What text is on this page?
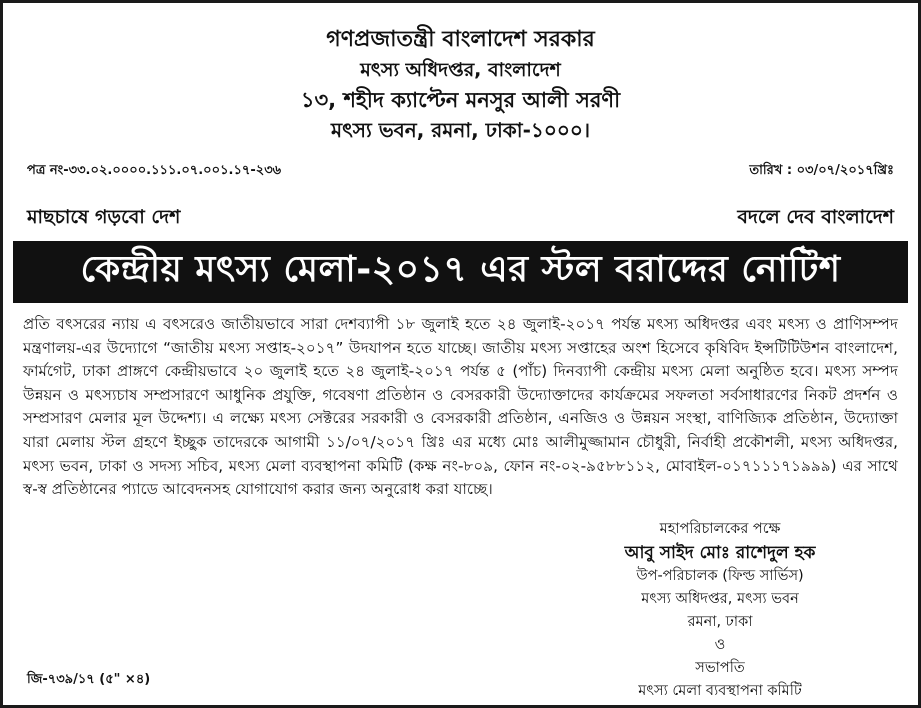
গণপ্রজাতন্ত্রী বাংলাদেশ সরকার
মৎস্য অধিদপ্তর, বাংলাদেশ
১৩, শহীদ ক্যাপ্টেন মনসুর আলী সরণী
মৎস্য ভবন, রমনা, ঢাকা-১০০০।
পত্র নং-৩৩.০২.০০০০.১১১.০৭.০০১.১৭-২৩৬	তারিখ : ০৩/০৭/২০১৭খ্রিঃ
মাছচাষে গড়বো দেশ	বদলে দেব বাংলাদেশ
কেন্দ্রীয় মৎস্য মেলা-২০১৭ এর স্টল বরাদ্দের নোটিশ
প্রতি বৎসরের ন্যায় এ বৎসরেও জাতীয়ভাবে সারা দেশব্যাপী ১৮ জুলাই হতে ২৪ জুলাই-২০১৭ পর্যন্ত মৎস্য অধিদপ্তর এবং মৎস্য ও প্রাণিসম্পদ মন্ত্রণালয়-এর উদ্যোগে “জাতীয় মৎস্য সপ্তাহ-২০১৭” উদযাপন হতে যাচ্ছে। জাতীয় মৎস্য সপ্তাহের অংশ হিসেবে কৃষিবিদ ইন্সটিটিউশন বাংলাদেশ, ফার্মগেট, ঢাকা প্রাঙ্গণে কেন্দ্রীয়ভাবে ২০ জুলাই হতে ২৪ জুলাই-২০১৭ পর্যন্ত ৫ (পাঁচ) দিনব্যাপী কেন্দ্রীয় মৎস্য মেলা অনুষ্ঠিত হবে। মৎস্য সম্পদ উন্নয়ন ও মৎস্যচাষ সম্প্রসারণে আধুনিক প্রযুক্তি, গবেষণা প্রতিষ্ঠান ও বেসরকারী উদ্যোক্তাদের কার্যক্রমের সফলতা সর্বসাধারণের নিকট প্রদর্শন ও সম্প্রসারণ মেলার মূল উদ্দেশ্য। এ লক্ষ্যে মৎস্য সেক্টরের সরকারী ও বেসরকারী প্রতিষ্ঠান, এনজিও ও উন্নয়ন সংস্থা, বাণিজ্যিক প্রতিষ্ঠান, উদ্যোক্তা যারা মেলায় স্টল গ্রহণে ইচ্ছুক তাদেরকে আগামী ১১/০৭/২০১৭ খ্রিঃ এর মধ্যে মোঃ আলীমুজ্জামান চৌধুরী, নির্বাহী প্রকৌশলী, মৎস্য অধিদপ্তর, মৎস্য ভবন, ঢাকা ও সদস্য সচিব, মৎস্য মেলা ব্যবস্থাপনা কমিটি (কক্ষ নং-৮০৯, ফোন নং-০২-৯৫৮৮১১২, মোবাইল-০১৭১১১৭১৯৯৯) এর সাথে স্ব-স্ব প্রতিষ্ঠানের প্যাডে আবেদনসহ যোগাযোগ করার জন্য অনুরোধ করা যাচ্ছে।
মহাপরিচালকের পক্ষে
আবু সাইদ মোঃ রাশেদুল হক
উপ-পরিচালক (ফিল্ড সার্ভিস)
মৎস্য অধিদপ্তর, মৎস্য ভবন
রমনা, ঢাকা
ও
সভাপতি
মৎস্য মেলা ব্যবস্থাপনা কমিটি
জি-৭৩৯/১৭ (৫" ×৪)
